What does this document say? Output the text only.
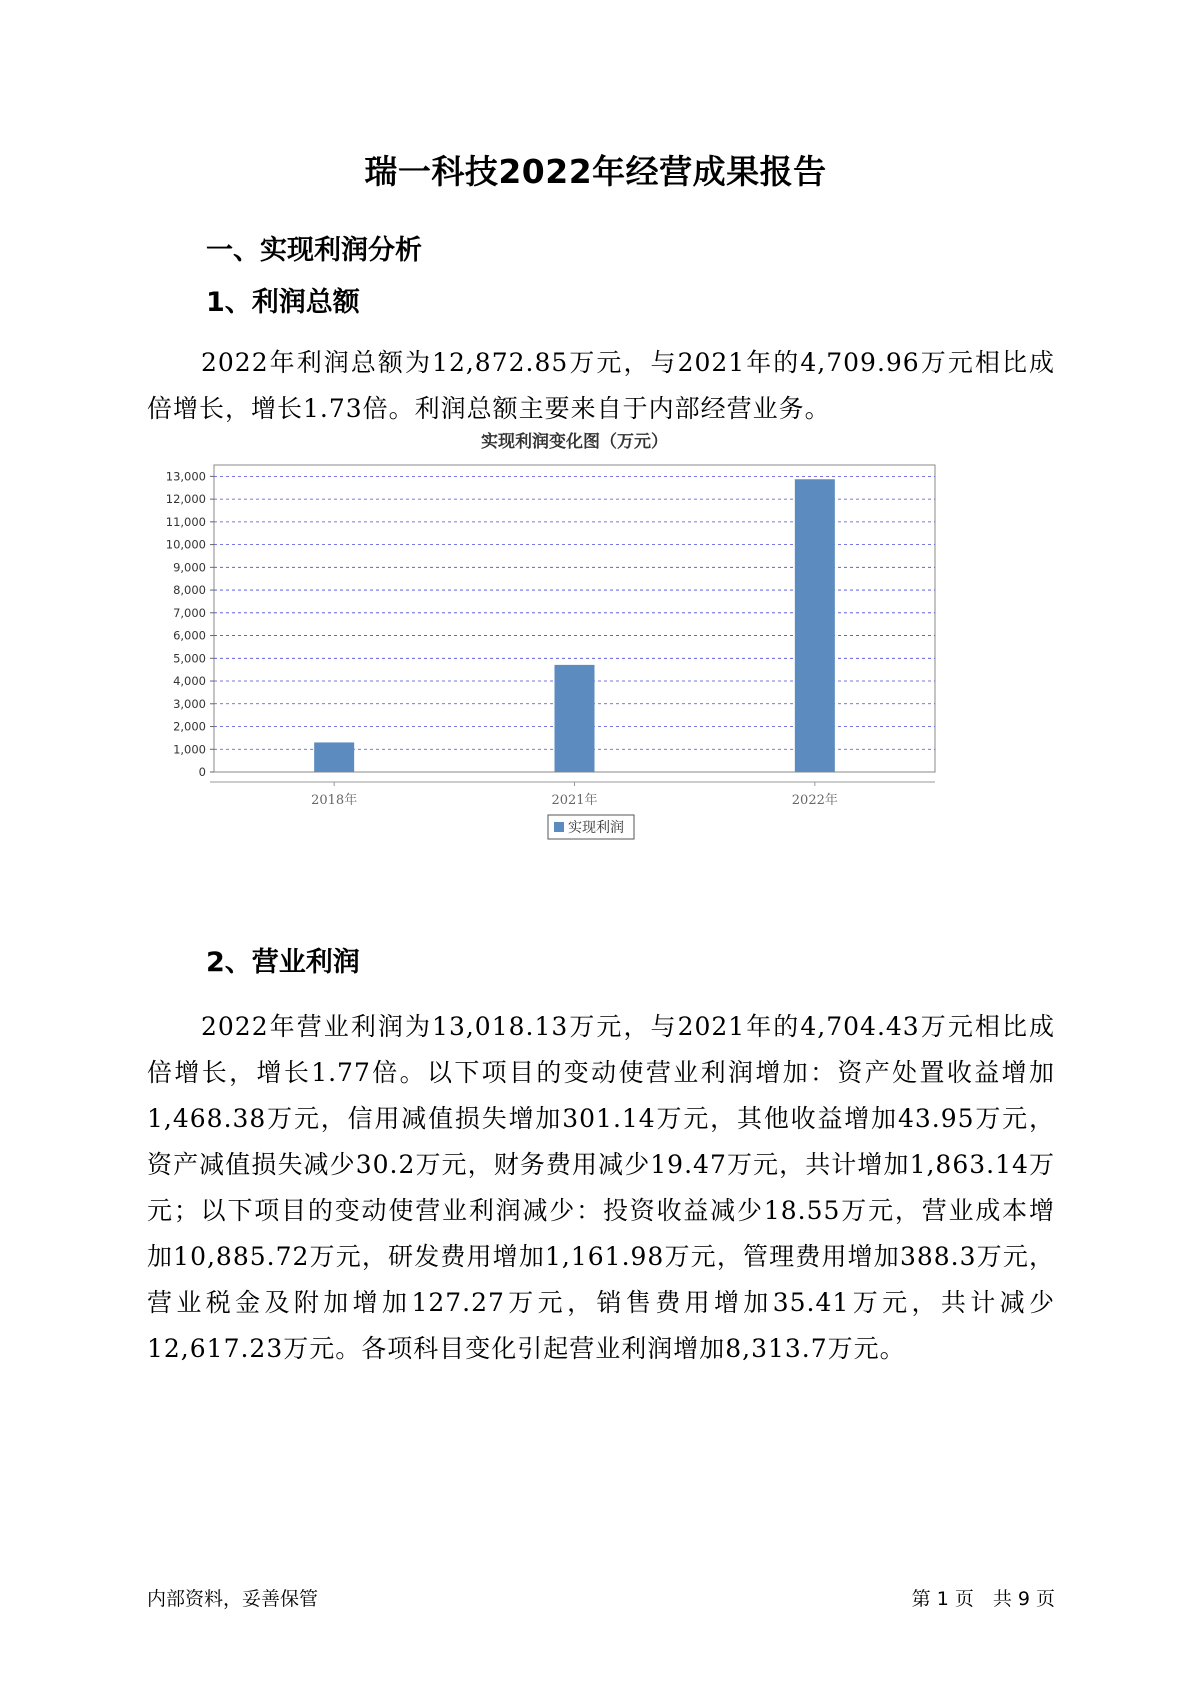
瑞一科技2022年经营成果报告
一、实现利润分析
1、利润总额
2022年利润总额为12,872.85万元，与2021年的4,709.96万元相比成倍增长，增长1.73倍。利润总额主要来自于内部经营业务。
实现利润变化图（万元）
0
1,000
2,000
3,000
4,000
5,000
6,000
7,000
8,000
9,000
10,000
11,000
12,000
13,000
2018年	2021年	2022年
实现利润
2、营业利润
2022年营业利润为13,018.13万元，与2021年的4,704.43万元相比成倍增长，增长1.77倍。以下项目的变动使营业利润增加：资产处置收益增加1,468.38万元，信用减值损失增加301.14万元，其他收益增加43.95万元，资产减值损失减少30.2万元，财务费用减少19.47万元，共计增加1,863.14万元；以下项目的变动使营业利润减少：投资收益减少18.55万元，营业成本增加10,885.72万元，研发费用增加1,161.98万元，管理费用增加388.3万元，营业税金及附加增加127.27万元，销售费用增加35.41万元，共计减少12,617.23万元。各项科目变化引起营业利润增加8,313.7万元。
内部资料，妥善保管	第 1 页　共 9 页
